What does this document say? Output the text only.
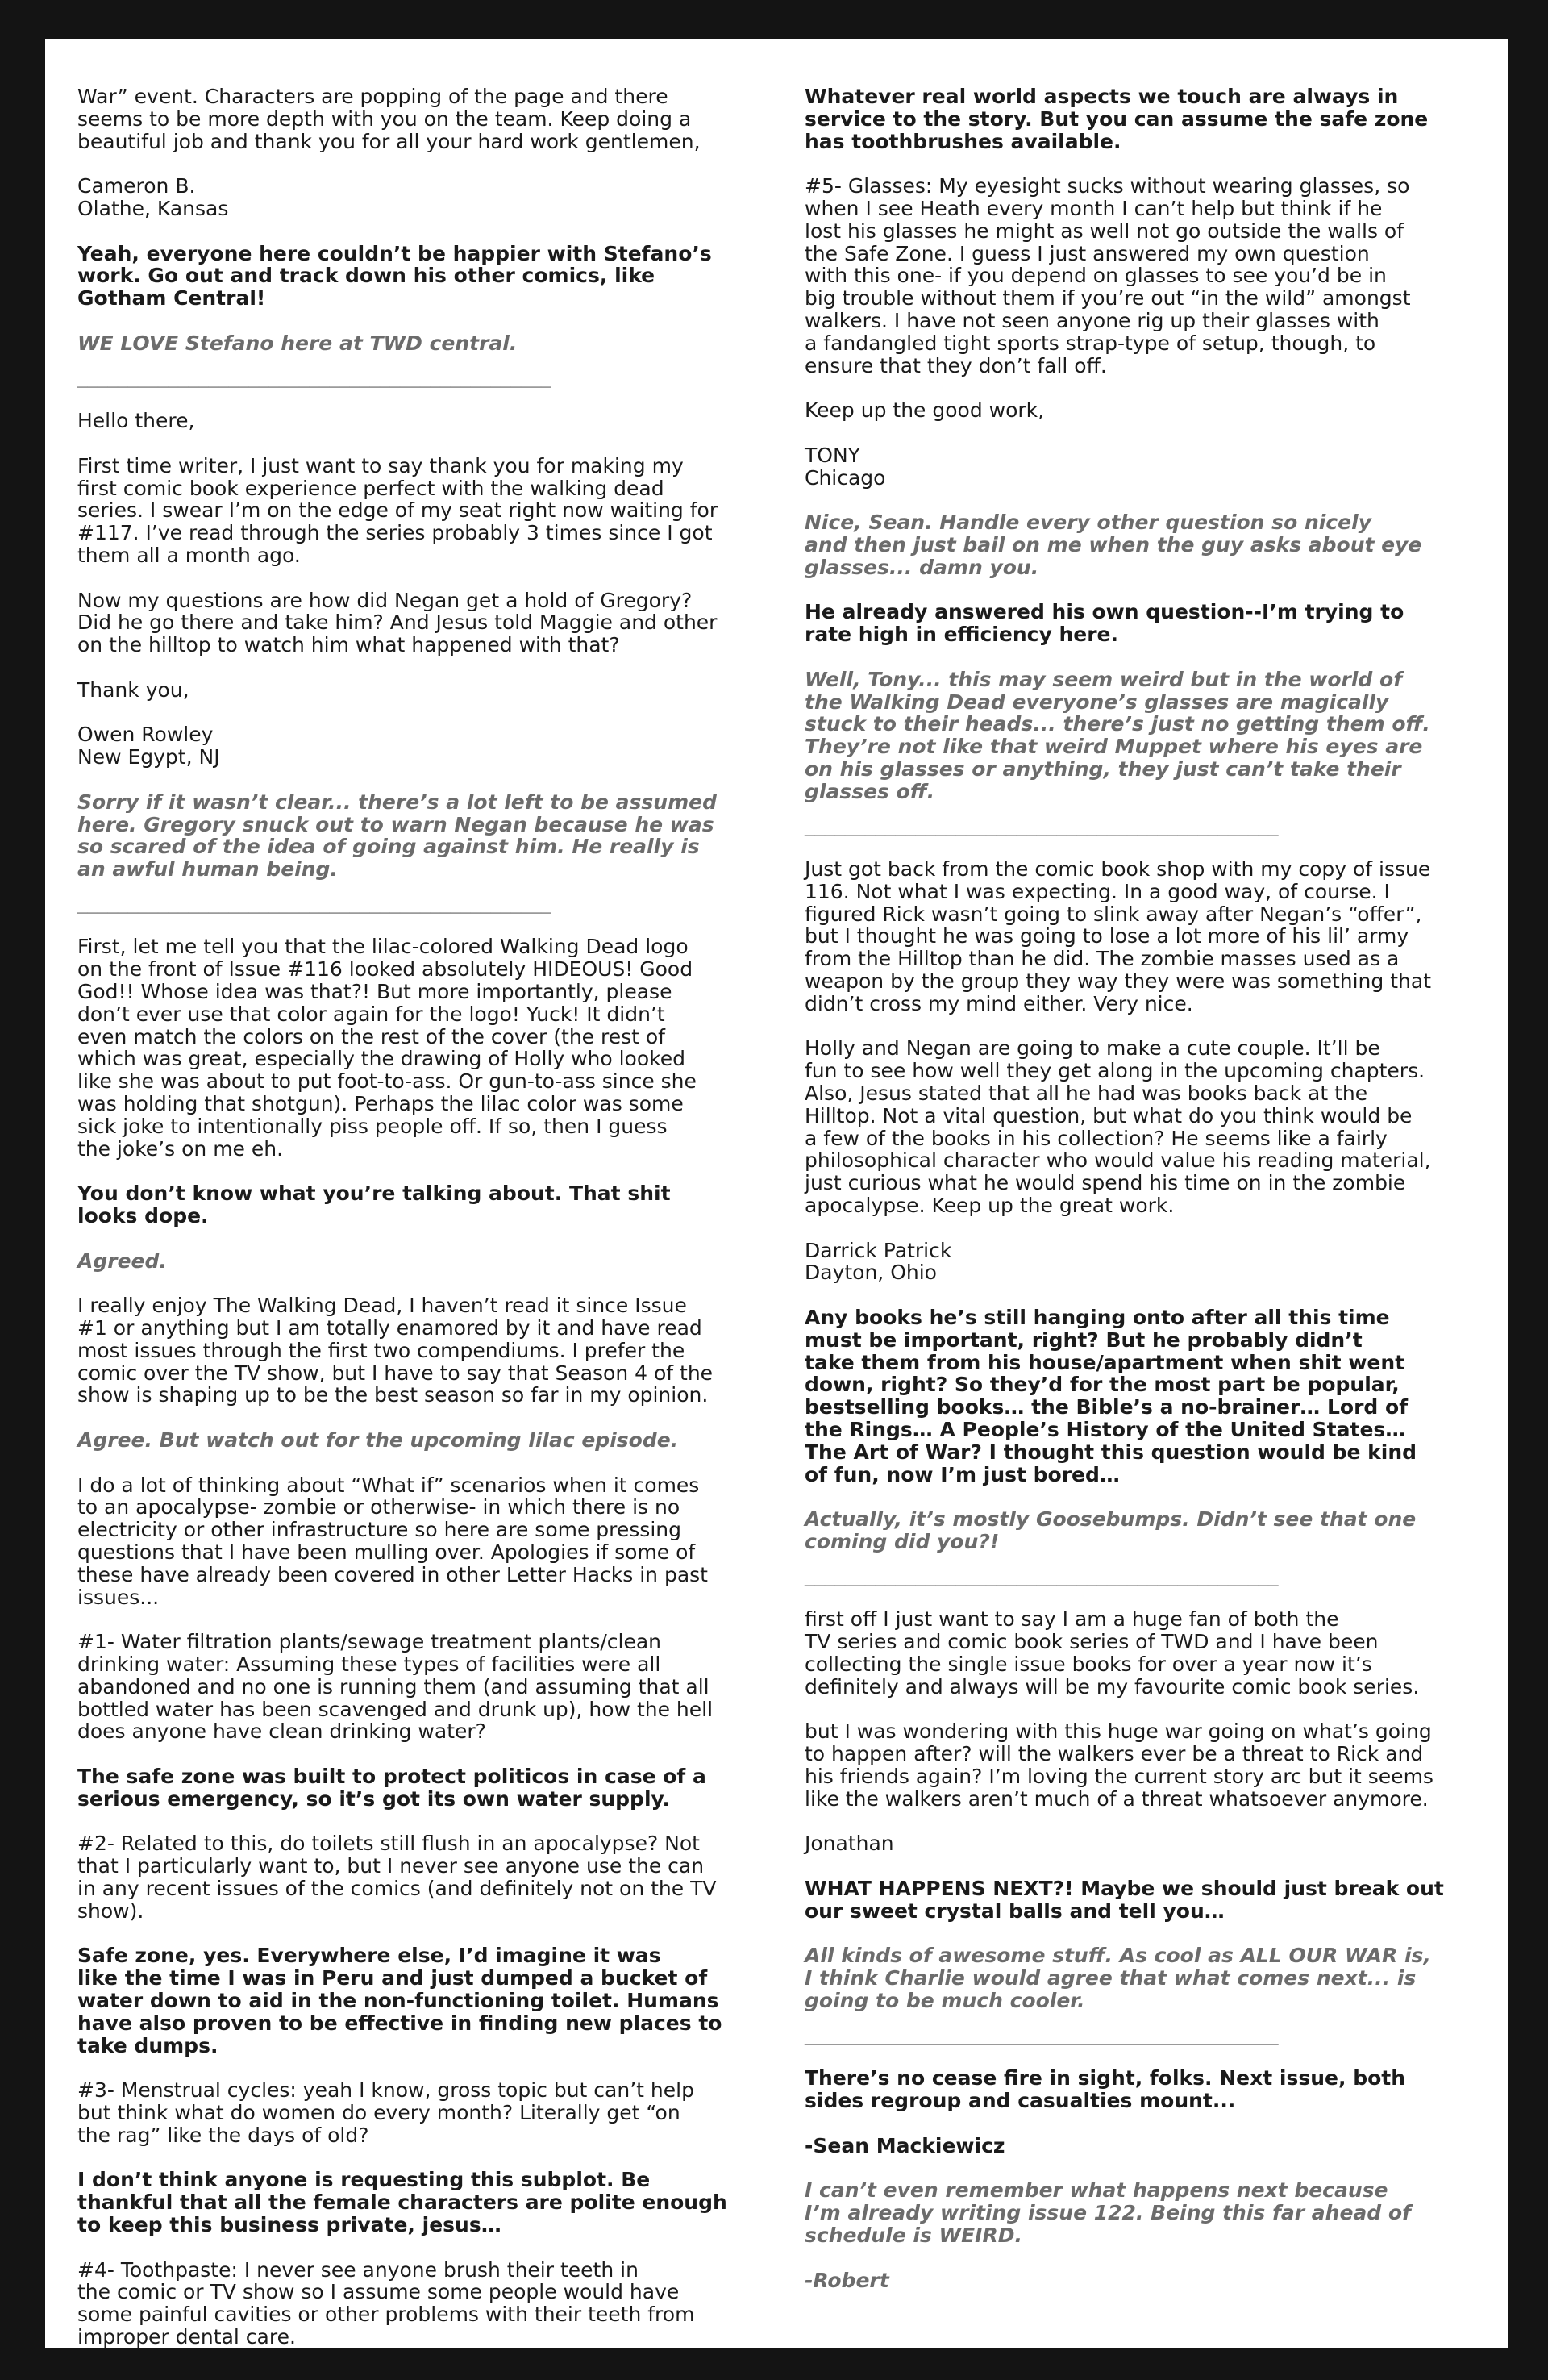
War” event. Characters are popping of the page and there
seems to be more depth with you on the team. Keep doing a
beautiful job and thank you for all your hard work gentlemen,
Cameron B.
Olathe, Kansas
Yeah, everyone here couldn’t be happier with Stefano’s
work. Go out and track down his other comics, like
Gotham Central!
WE LOVE Stefano here at TWD central.
_______________________________________________
Hello there,
First time writer, I just want to say thank you for making my
first comic book experience perfect with the walking dead
series. I swear I’m on the edge of my seat right now waiting for
#117. I’ve read through the series probably 3 times since I got
them all a month ago.
Now my questions are how did Negan get a hold of Gregory?
Did he go there and take him? And Jesus told Maggie and other
on the hilltop to watch him what happened with that?
Thank you,
Owen Rowley
New Egypt, NJ
Sorry if it wasn’t clear... there’s a lot left to be assumed
here. Gregory snuck out to warn Negan because he was
so scared of the idea of going against him. He really is
an awful human being.
_______________________________________________
First, let me tell you that the lilac-colored Walking Dead logo
on the front of Issue #116 looked absolutely HIDEOUS! Good
God!! Whose idea was that?! But more importantly, please
don’t ever use that color again for the logo! Yuck! It didn’t
even match the colors on the rest of the cover (the rest of
which was great, especially the drawing of Holly who looked
like she was about to put foot-to-ass. Or gun-to-ass since she
was holding that shotgun). Perhaps the lilac color was some
sick joke to intentionally piss people off. If so, then I guess
the joke’s on me eh.
You don’t know what you’re talking about. That shit
looks dope.
Agreed.
I really enjoy The Walking Dead, I haven’t read it since Issue
#1 or anything but I am totally enamored by it and have read
most issues through the first two compendiums. I prefer the
comic over the TV show, but I have to say that Season 4 of the
show is shaping up to be the best season so far in my opinion.
Agree. But watch out for the upcoming lilac episode.
I do a lot of thinking about “What if” scenarios when it comes
to an apocalypse- zombie or otherwise- in which there is no
electricity or other infrastructure so here are some pressing
questions that I have been mulling over. Apologies if some of
these have already been covered in other Letter Hacks in past
issues...
#1- Water filtration plants/sewage treatment plants/clean
drinking water: Assuming these types of facilities were all
abandoned and no one is running them (and assuming that all
bottled water has been scavenged and drunk up), how the hell
does anyone have clean drinking water?
The safe zone was built to protect politicos in case of a
serious emergency, so it’s got its own water supply.
#2- Related to this, do toilets still flush in an apocalypse? Not
that I particularly want to, but I never see anyone use the can
in any recent issues of the comics (and definitely not on the TV
show).
Safe zone, yes. Everywhere else, I’d imagine it was
like the time I was in Peru and just dumped a bucket of
water down to aid in the non-functioning toilet. Humans
have also proven to be effective in finding new places to
take dumps.
#3- Menstrual cycles: yeah I know, gross topic but can’t help
but think what do women do every month? Literally get “on
the rag” like the days of old?
I don’t think anyone is requesting this subplot. Be
thankful that all the female characters are polite enough
to keep this business private, jesus…
#4- Toothpaste: I never see anyone brush their teeth in
the comic or TV show so I assume some people would have
some painful cavities or other problems with their teeth from
improper dental care.
Whatever real world aspects we touch are always in
service to the story. But you can assume the safe zone
has toothbrushes available.
#5- Glasses: My eyesight sucks without wearing glasses, so
when I see Heath every month I can’t help but think if he
lost his glasses he might as well not go outside the walls of
the Safe Zone. I guess I just answered my own question
with this one- if you depend on glasses to see you’d be in
big trouble without them if you’re out “in the wild” amongst
walkers. I have not seen anyone rig up their glasses with
a fandangled tight sports strap-type of setup, though, to
ensure that they don’t fall off.
Keep up the good work,
TONY
Chicago
Nice, Sean. Handle every other question so nicely
and then just bail on me when the guy asks about eye
glasses... damn you.
He already answered his own question--I’m trying to
rate high in efficiency here.
Well, Tony... this may seem weird but in the world of
the Walking Dead everyone’s glasses are magically
stuck to their heads... there’s just no getting them off.
They’re not like that weird Muppet where his eyes are
on his glasses or anything, they just can’t take their
glasses off.
_______________________________________________
Just got back from the comic book shop with my copy of issue
116. Not what I was expecting. In a good way, of course. I
figured Rick wasn’t going to slink away after Negan’s “offer”,
but I thought he was going to lose a lot more of his lil’ army
from the Hilltop than he did. The zombie masses used as a
weapon by the group they way they were was something that
didn’t cross my mind either. Very nice.
Holly and Negan are going to make a cute couple. It’ll be
fun to see how well they get along in the upcoming chapters.
Also, Jesus stated that all he had was books back at the
Hilltop. Not a vital question, but what do you think would be
a few of the books in his collection? He seems like a fairly
philosophical character who would value his reading material,
just curious what he would spend his time on in the zombie
apocalypse. Keep up the great work.
Darrick Patrick
Dayton, Ohio
Any books he’s still hanging onto after all this time
must be important, right? But he probably didn’t
take them from his house/apartment when shit went
down, right? So they’d for the most part be popular,
bestselling books… the Bible’s a no-brainer… Lord of
the Rings… A People’s History of the United States…
The Art of War? I thought this question would be kind
of fun, now I’m just bored…
Actually, it’s mostly Goosebumps. Didn’t see that one
coming did you?!
_______________________________________________
first off I just want to say I am a huge fan of both the
TV series and comic book series of TWD and I have been
collecting the single issue books for over a year now it’s
definitely and always will be my favourite comic book series.
but I was wondering with this huge war going on what’s going
to happen after? will the walkers ever be a threat to Rick and
his friends again? I’m loving the current story arc but it seems
like the walkers aren’t much of a threat whatsoever anymore.
Jonathan
WHAT HAPPENS NEXT?! Maybe we should just break out
our sweet crystal balls and tell you…
All kinds of awesome stuff. As cool as ALL OUR WAR is,
I think Charlie would agree that what comes next... is
going to be much cooler.
_______________________________________________
There’s no cease fire in sight, folks. Next issue, both
sides regroup and casualties mount...
-Sean Mackiewicz
I can’t even remember what happens next because
I’m already writing issue 122. Being this far ahead of
schedule is WEIRD.
-Robert
